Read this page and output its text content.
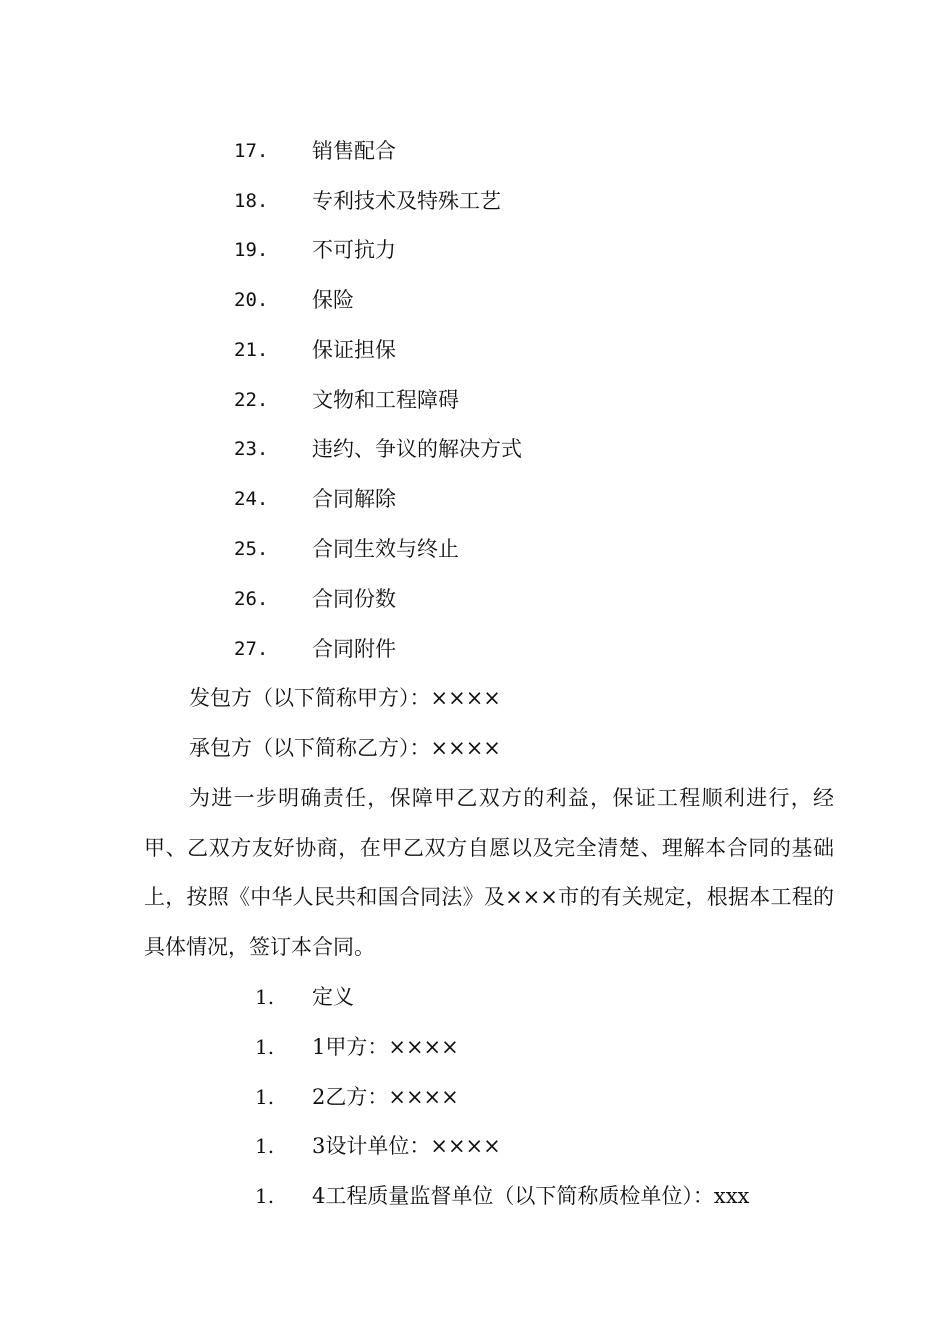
17. 销售配合
18. 专利技术及特殊工艺
19. 不可抗力
20. 保险
21. 保证担保
22. 文物和工程障碍
23. 违约、争议的解决方式
24. 合同解除
25. 合同生效与终止
26. 合同份数
27. 合同附件
发包方（以下简称甲方）：××××
承包方（以下简称乙方）：××××

为进一步明确责任，保障甲乙双方的利益，保证工程顺利进行，经甲、乙双方友好协商，在甲乙双方自愿以及完全清楚、理解本合同的基础上，按照《中华人民共和国合同法》及×××市的有关规定，根据本工程的具体情况，签订本合同。

1. 定义
1. 1甲方：××××
1. 2乙方：××××
1. 3设计单位：××××
1. 4工程质量监督单位（以下简称质检单位）：xxx
